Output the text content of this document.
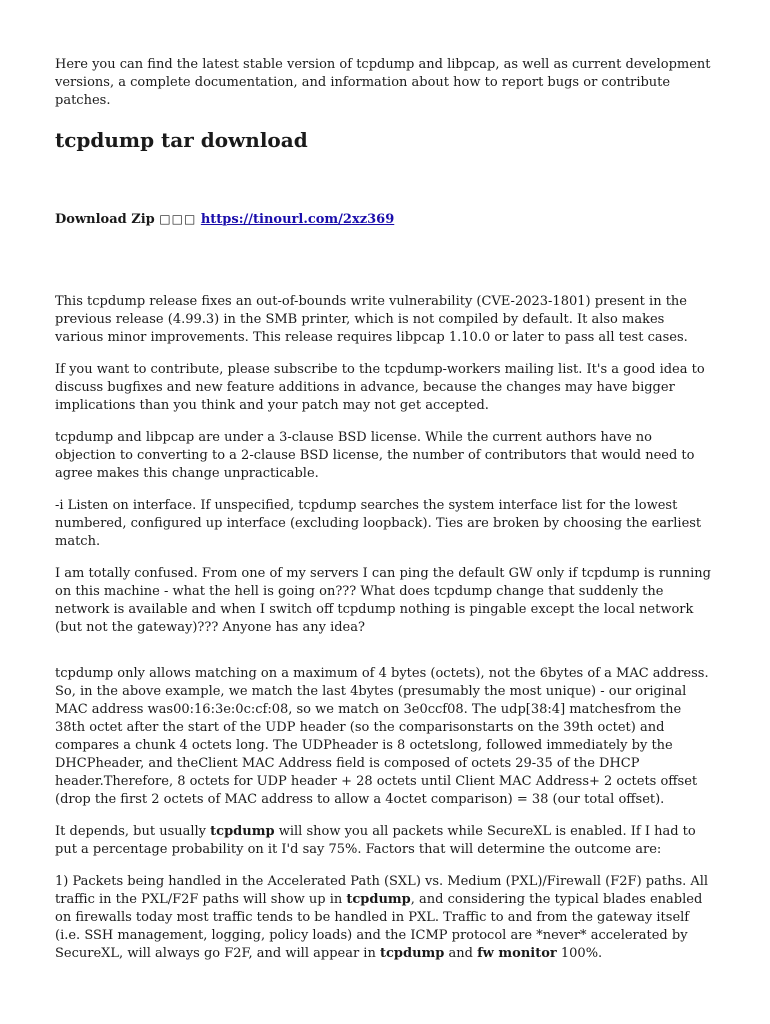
Here you can find the latest stable version of tcpdump and libpcap, as well as current development versions, a complete documentation, and information about how to report bugs or contribute patches.

tcpdump tar download
Download Zip □□□ https://tinourl.com/2xz369

This tcpdump release fixes an out-of-bounds write vulnerability (CVE-2023-1801) present in the previous release (4.99.3) in the SMB printer, which is not compiled by default. It also makes various minor improvements. This release requires libpcap 1.10.0 or later to pass all test cases.

If you want to contribute, please subscribe to the tcpdump-workers mailing list. It's a good idea to discuss bugfixes and new feature additions in advance, because the changes may have bigger implications than you think and your patch may not get accepted.

tcpdump and libpcap are under a 3-clause BSD license. While the current authors have no objection to converting to a 2-clause BSD license, the number of contributors that would need to agree makes this change unpracticable.

-i Listen on interface. If unspecified, tcpdump searches the system interface list for the lowest numbered, configured up interface (excluding loopback). Ties are broken by choosing the earliest match.

I am totally confused. From one of my servers I can ping the default GW only if tcpdump is running on this machine - what the hell is going on??? What does tcpdump change that suddenly the network is available and when I switch off tcpdump nothing is pingable except the local network (but not the gateway)??? Anyone has any idea?

tcpdump only allows matching on a maximum of 4 bytes (octets), not the 6bytes of a MAC address. So, in the above example, we match the last 4bytes (presumably the most unique) - our original MAC address was00:16:3e:0c:cf:08, so we match on 3e0ccf08. The udp[38:4] matchesfrom the 38th octet after the start of the UDP header (so the comparisonstarts on the 39th octet) and compares a chunk 4 octets long. The UDPheader is 8 octetslong, followed immediately by the DHCPheader, and theClient MAC Address field is composed of octets 29-35 of the DHCP header.Therefore, 8 octets for UDP header + 28 octets until Client MAC Address+ 2 octets offset (drop the first 2 octets of MAC address to allow a 4octet comparison) = 38 (our total offset).

It depends, but usually tcpdump will show you all packets while SecureXL is enabled. If I had to put a percentage probability on it I'd say 75%. Factors that will determine the outcome are:

1) Packets being handled in the Accelerated Path (SXL) vs. Medium (PXL)/Firewall (F2F) paths. All traffic in the PXL/F2F paths will show up in tcpdump, and considering the typical blades enabled on firewalls today most traffic tends to be handled in PXL. Traffic to and from the gateway itself (i.e. SSH management, logging, policy loads) and the ICMP protocol are *never* accelerated by SecureXL, will always go F2F, and will appear in tcpdump and fw monitor 100%.
